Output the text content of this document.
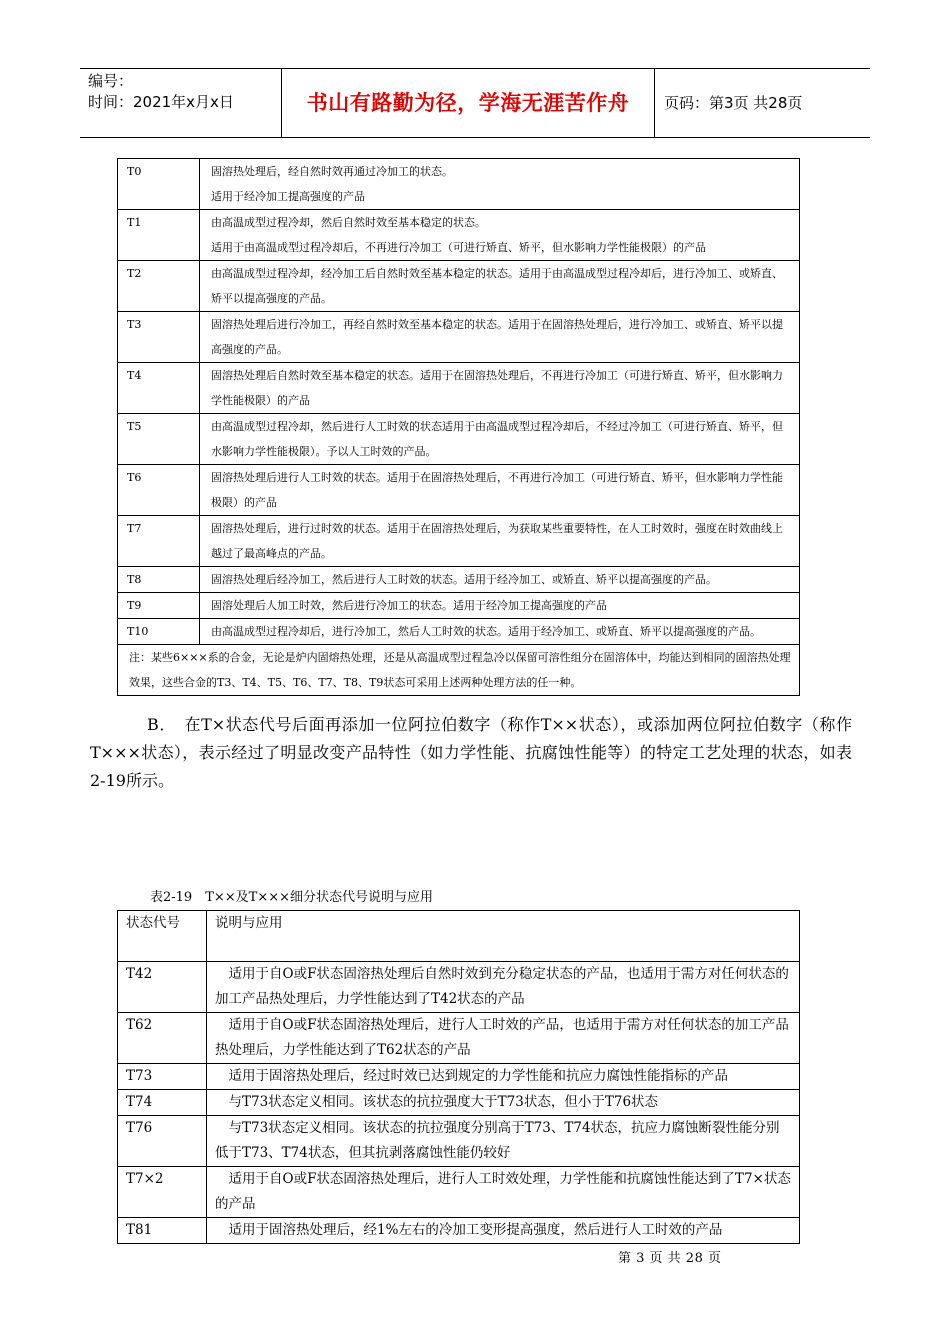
编号：
时间：2021年x月x日	书山有路勤为径，学海无涯苦作舟	页码：第3页 共28页
T0	固溶热处理后，经自然时效再通过冷加工的状态。
适用于经冷加工提高强度的产品
T1	由高温成型过程冷却，然后自然时效至基本稳定的状态。
适用于由高温成型过程冷却后，不再进行冷加工（可进行矫直、矫平，但水影响力学性能极限）的产品
T2	由高温成型过程冷却，经冷加工后自然时效至基本稳定的状态。适用于由高温成型过程冷却后，进行冷加工、或矫直、矫平以提高强度的产品。
T3	固溶热处理后进行冷加工，再经自然时效至基本稳定的状态。适用于在固溶热处理后，进行冷加工、或矫直、矫平以提高强度的产品。
T4	固溶热处理后自然时效至基本稳定的状态。适用于在固溶热处理后，不再进行冷加工（可进行矫直、矫平，但水影响力学性能极限）的产品
T5	由高温成型过程冷却，然后进行人工时效的状态适用于由高温成型过程冷却后，不经过冷加工（可进行矫直、矫平，但水影响力学性能极限）。予以人工时效的产品。
T6	固溶热处理后进行人工时效的状态。适用于在固溶热处理后，不再进行冷加工（可进行矫直、矫平，但水影响力学性能极限）的产品
T7	固溶热处理后，进行过时效的状态。适用于在固溶热处理后，为获取某些重要特性，在人工时效时，强度在时效曲线上越过了最高峰点的产品。
T8	固溶热处理后经冷加工，然后进行人工时效的状态。适用于经冷加工、或矫直、矫平以提高强度的产品。
T9	固溶处理后人加工时效，然后进行冷加工的状态。适用于经冷加工提高强度的产品
T10	由高温成型过程冷却后，进行冷加工，然后人工时效的状态。适用于经冷加工、或矫直、矫平以提高强度的产品。
注：某些6×××系的合金，无论是炉内固熔热处理，还是从高温成型过程急冷以保留可溶性组分在固溶体中，均能达到相同的固溶热处理效果，这些合金的T3、T4、T5、T6、T7、T8、T9状态可采用上述两种处理方法的任一种。	
B．　在T×状态代号后面再添加一位阿拉伯数字（称作T××状态），或添加两位阿拉伯数字（称作T×××状态），表示经过了明显改变产品特性（如力学性能、抗腐蚀性能等）的特定工艺处理的状态，如表2-19所示。
表2-19　T××及T×××细分状态代号说明与应用
状态代号	说明与应用
T42	　适用于自O或F状态固溶热处理后自然时效到充分稳定状态的产品，也适用于需方对任何状态的加工产品热处理后，力学性能达到了T42状态的产品
T62	　适用于自O或F状态固溶热处理后，进行人工时效的产品，也适用于需方对任何状态的加工产品热处理后，力学性能达到了T62状态的产品
T73	　适用于固溶热处理后，经过时效已达到规定的力学性能和抗应力腐蚀性能指标的产品
T74	　与T73状态定义相同。该状态的抗拉强度大于T73状态，但小于T76状态
T76	　与T73状态定义相同。该状态的抗拉强度分别高于T73、T74状态，抗应力腐蚀断裂性能分别低于T73、T74状态，但其抗剥落腐蚀性能仍较好
T7×2	　适用于自O或F状态固溶热处理后，进行人工时效处理，力学性能和抗腐蚀性能达到了T7×状态的产品
T81	　适用于固溶热处理后，经1%左右的冷加工变形提高强度，然后进行人工时效的产品
第 3 页 共 28 页
